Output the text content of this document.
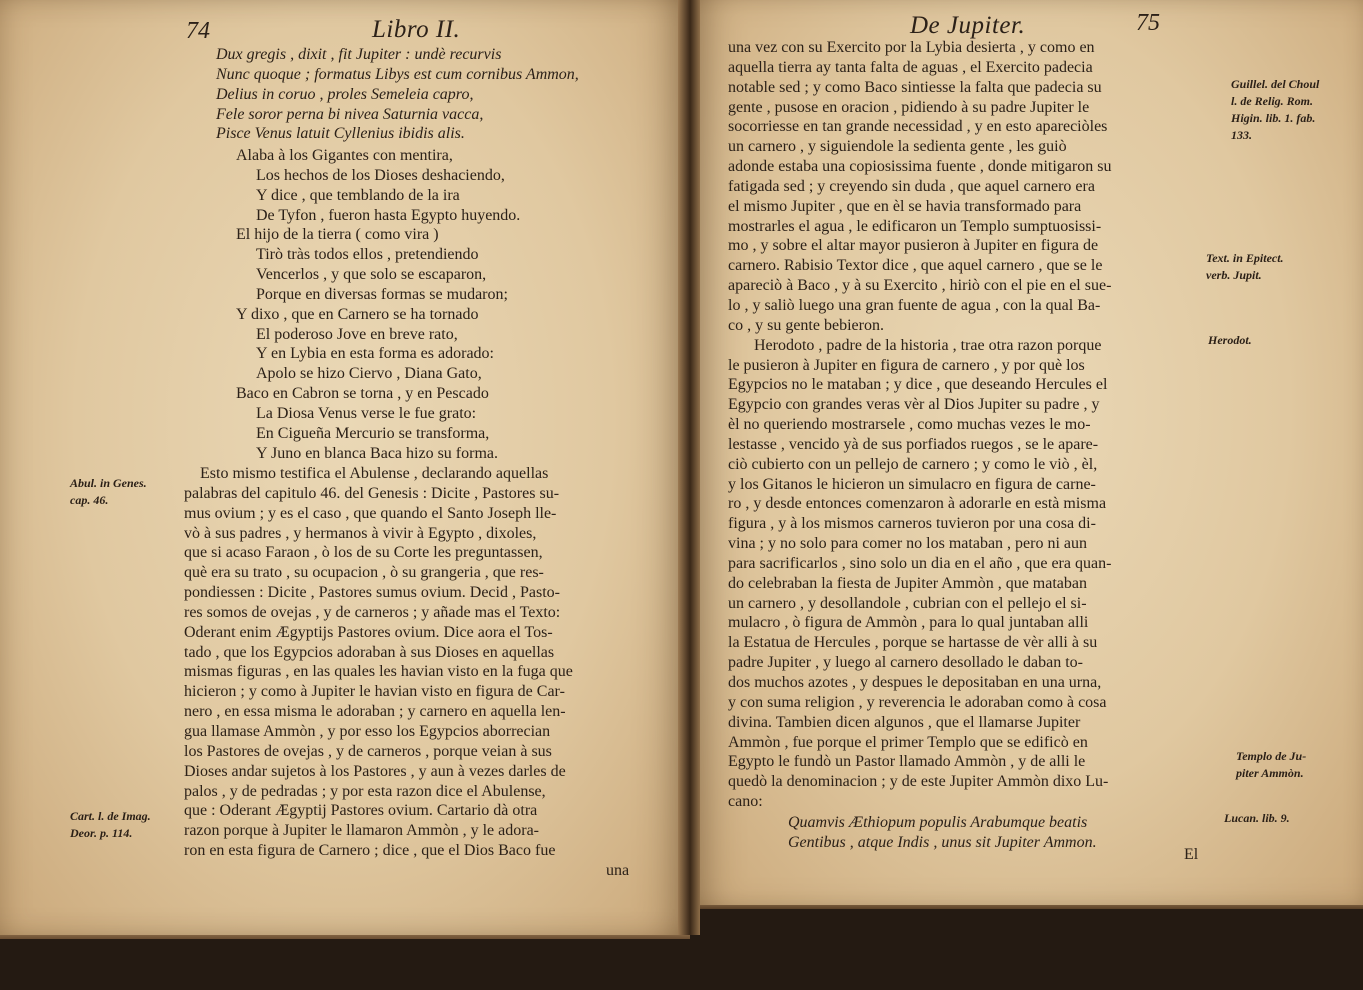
74	Libro II.
Dux gregis , dixit , fit Jupiter : undè recurvis
Nunc quoque ; formatus Libys est cum cornibus Ammon,
Delius in coruo , proles Semeleia capro,
Fele soror perna bi nivea Saturnia vacca,
Pisce Venus latuit Cyllenius ibidis alis.
Alaba à los Gigantes con mentira,
Los hechos de los Dioses deshaciendo,
Y dice , que temblando de la ira
De Tyfon , fueron hasta Egypto huyendo.
El hijo de la tierra ( como vira )
Tirò tràs todos ellos , pretendiendo
Vencerlos , y que solo se escaparon,
Porque en diversas formas se mudaron;
Y dixo , que en Carnero se ha tornado
El poderoso Jove en breve rato,
Y en Lybia en esta forma es adorado:
Apolo se hizo Ciervo , Diana Gato,
Baco en Cabron se torna , y en Pescado
La Diosa Venus verse le fue grato:
En Cigueña Mercurio se transforma,
Y Juno en blanca Baca hizo su forma.
Esto mismo testifica el Abulense , declarando aquellas
palabras del capitulo 46. del Genesis : Dicite , Pastores su-
mus ovium ; y es el caso , que quando el Santo Joseph lle-
vò à sus padres , y hermanos à vivir à Egypto , dixoles,
que si acaso Faraon , ò los de su Corte les preguntassen,
què era su trato , su ocupacion , ò su grangeria , que res-
pondiessen : Dicite , Pastores sumus ovium. Decid , Pasto-
res somos de ovejas , y de carneros ; y añade mas el Texto:
Oderant enim Ægyptijs Pastores ovium. Dice aora el Tos-
tado , que los Egypcios adoraban à sus Dioses en aquellas
mismas figuras , en las quales les havian visto en la fuga que
hicieron ; y como à Jupiter le havian visto en figura de Car-
nero , en essa misma le adoraban ; y carnero en aquella len-
gua llamase Ammòn , y por esso los Egypcios aborrecian
los Pastores de ovejas , y de carneros , porque veian à sus
Dioses andar sujetos à los Pastores , y aun à vezes darles de
palos , y de pedradas ; y por esta razon dice el Abulense,
que : Oderant Ægyptij Pastores ovium. Cartario dà otra
razon porque à Jupiter le llamaron Ammòn , y le adora-
ron en esta figura de Carnero ; dice , que el Dios Baco fue
una
Abul. in Genes.
cap. 46.
Cart. l. de Imag.
Deor. p. 114.
De Jupiter.	75
una vez con su Exercito por la Lybia desierta , y como en
aquella tierra ay tanta falta de aguas , el Exercito padecia
notable sed ; y como Baco sintiesse la falta que padecia su
gente , pusose en oracion , pidiendo à su padre Jupiter le
socorriesse en tan grande necessidad , y en esto apareciòles
un carnero , y siguiendole la sedienta gente , les guiò
adonde estaba una copiosissima fuente , donde mitigaron su
fatigada sed ; y creyendo sin duda , que aquel carnero era
el mismo Jupiter , que en èl se havia transformado para
mostrarles el agua , le edificaron un Templo sumptuosissi-
mo , y sobre el altar mayor pusieron à Jupiter en figura de
carnero. Rabisio Textor dice , que aquel carnero , que se le
apareciò à Baco , y à su Exercito , hiriò con el pie en el sue-
lo , y saliò luego una gran fuente de agua , con la qual Ba-
co , y su gente bebieron.
Herodoto , padre de la historia , trae otra razon porque
le pusieron à Jupiter en figura de carnero , y por què los
Egypcios no le mataban ; y dice , que deseando Hercules el
Egypcio con grandes veras vèr al Dios Jupiter su padre , y
èl no queriendo mostrarsele , como muchas vezes le mo-
lestasse , vencido yà de sus porfiados ruegos , se le apare-
ciò cubierto con un pellejo de carnero ; y como le viò , èl,
y los Gitanos le hicieron un simulacro en figura de carne-
ro , y desde entonces comenzaron à adorarle en està misma
figura , y à los mismos carneros tuvieron por una cosa di-
vina ; y no solo para comer no los mataban , pero ni aun
para sacrificarlos , sino solo un dia en el año , que era quan-
do celebraban la fiesta de Jupiter Ammòn , que mataban
un carnero , y desollandole , cubrian con el pellejo el si-
mulacro , ò figura de Ammòn , para lo qual juntaban alli
la Estatua de Hercules , porque se hartasse de vèr alli à su
padre Jupiter , y luego al carnero desollado le daban to-
dos muchos azotes , y despues le depositaban en una urna,
y con suma religion , y reverencia le adoraban como à cosa
divina. Tambien dicen algunos , que el llamarse Jupiter
Ammòn , fue porque el primer Templo que se edificò en
Egypto le fundò un Pastor llamado Ammòn , y de alli le
quedò la denominacion ; y de este Jupiter Ammòn dixo Lu-
cano:
Quamvis Æthiopum populis Arabumque beatis
Gentibus , atque Indis , unus sit Jupiter Ammon.
El
Guillel. del Choul
l. de Relig. Rom.
Higin. lib. 1. fab.
133.
Text. in Epitect.
verb. Jupit.
Herodot.
Templo de Ju-
piter Ammòn.
Lucan. lib. 9.
